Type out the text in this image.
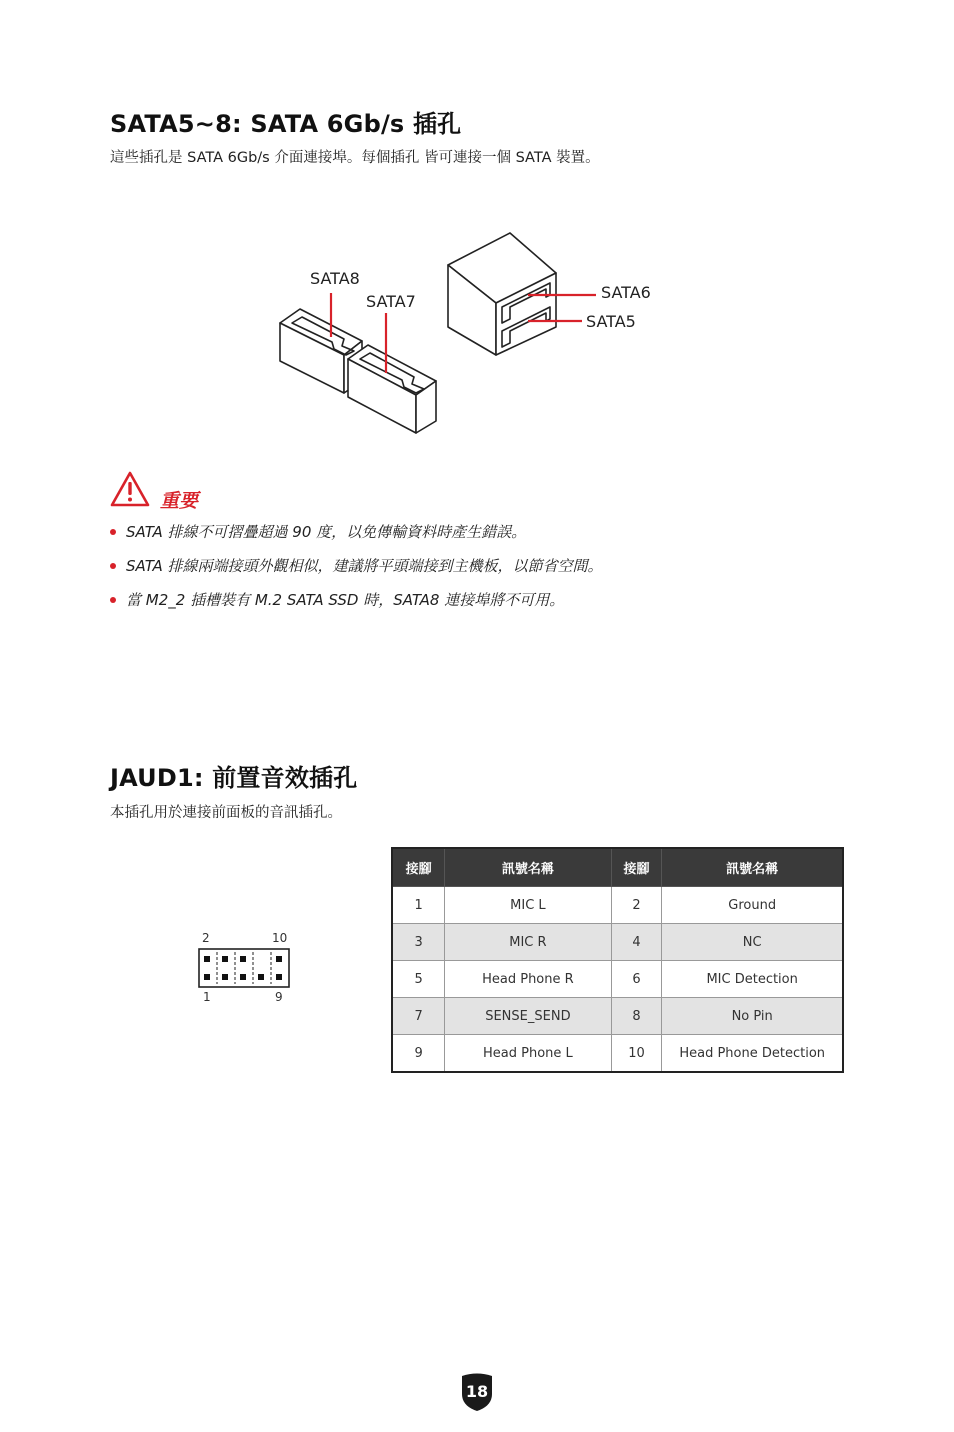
SATA5~8: SATA 6Gb/s 插孔
這些插孔是 SATA 6Gb/s 介面連接埠。每個插孔 皆可連接一個 SATA 裝置。
SATA8
SATA7	SATA6
SATA5
重要
SATA 排線不可摺疊超過 90 度，以免傳輸資料時產生錯誤。
SATA 排線兩端接頭外觀相似，建議將平頭端接到主機板，以節省空間。
當 M2_2 插槽裝有 M.2 SATA SSD 時，SATA8 連接埠將不可用。
JAUD1: 前置音效插孔
本插孔用於連接前面板的音訊插孔。
2	10
1	9
接腳	訊號名稱	接腳	訊號名稱
1	MIC L	2	Ground
3	MIC R	4	NC
5	Head Phone R	6	MIC Detection
7	SENSE_SEND	8	No Pin
9	Head Phone L	10	Head Phone Detection
18
